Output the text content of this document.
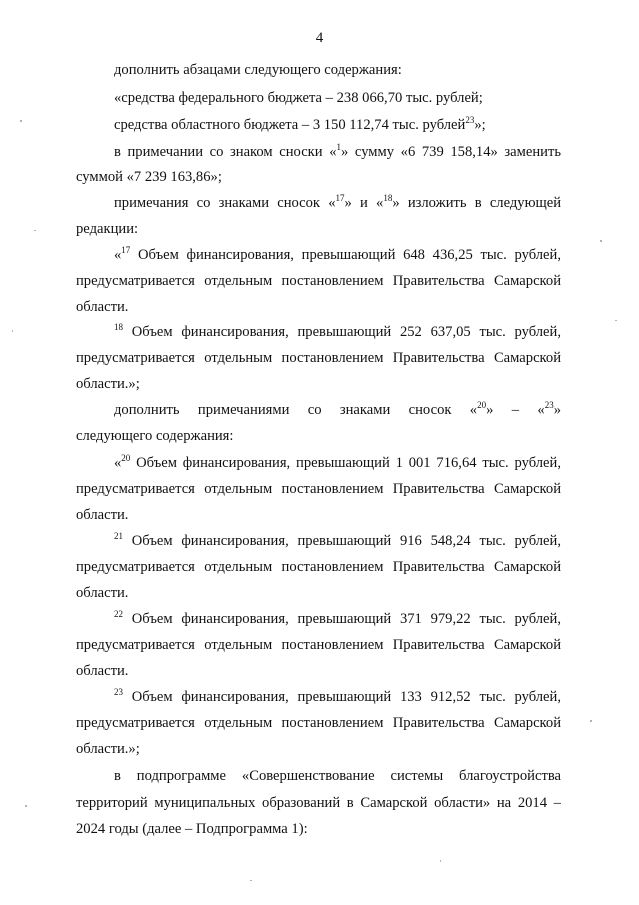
4
дополнить абзацами следующего содержания:
«средства федерального бюджета – 238 066,70 тыс. рублей;
средства областного бюджета – 3 150 112,74 тыс. рублей$^{23}$»;
в примечании со знаком сноски «$^1$» сумму «6 739 158,14» заменить
суммой «7 239 163,86»;
примечания со знаками сносок «$^{17}$» и «$^{18}$» изложить в следующей
редакции:
«$^{17}$ Объем финансирования, превышающий 648 436,25 тыс. рублей,
предусматривается отдельным постановлением Правительства Самарской
области.
$^{18}$ Объем финансирования, превышающий 252 637,05 тыс. рублей,
предусматривается отдельным постановлением Правительства Самарской
области.»;
дополнить примечаниями со знаками сносок «$^{20}$» – «$^{23}$»
следующего содержания:
«$^{20}$ Объем финансирования, превышающий 1 001 716,64 тыс. рублей,
предусматривается отдельным постановлением Правительства Самарской
области.
$^{21}$ Объем финансирования, превышающий 916 548,24 тыс. рублей,
предусматривается отдельным постановлением Правительства Самарской
области.
$^{22}$ Объем финансирования, превышающий 371 979,22 тыс. рублей,
предусматривается отдельным постановлением Правительства Самарской
области.
$^{23}$ Объем финансирования, превышающий 133 912,52 тыс. рублей,
предусматривается отдельным постановлением Правительства Самарской
области.»;
в подпрограмме «Совершенствование системы благоустройства
территорий муниципальных образований в Самарской области» на 2014 –
2024 годы (далее – Подпрограмма 1):
